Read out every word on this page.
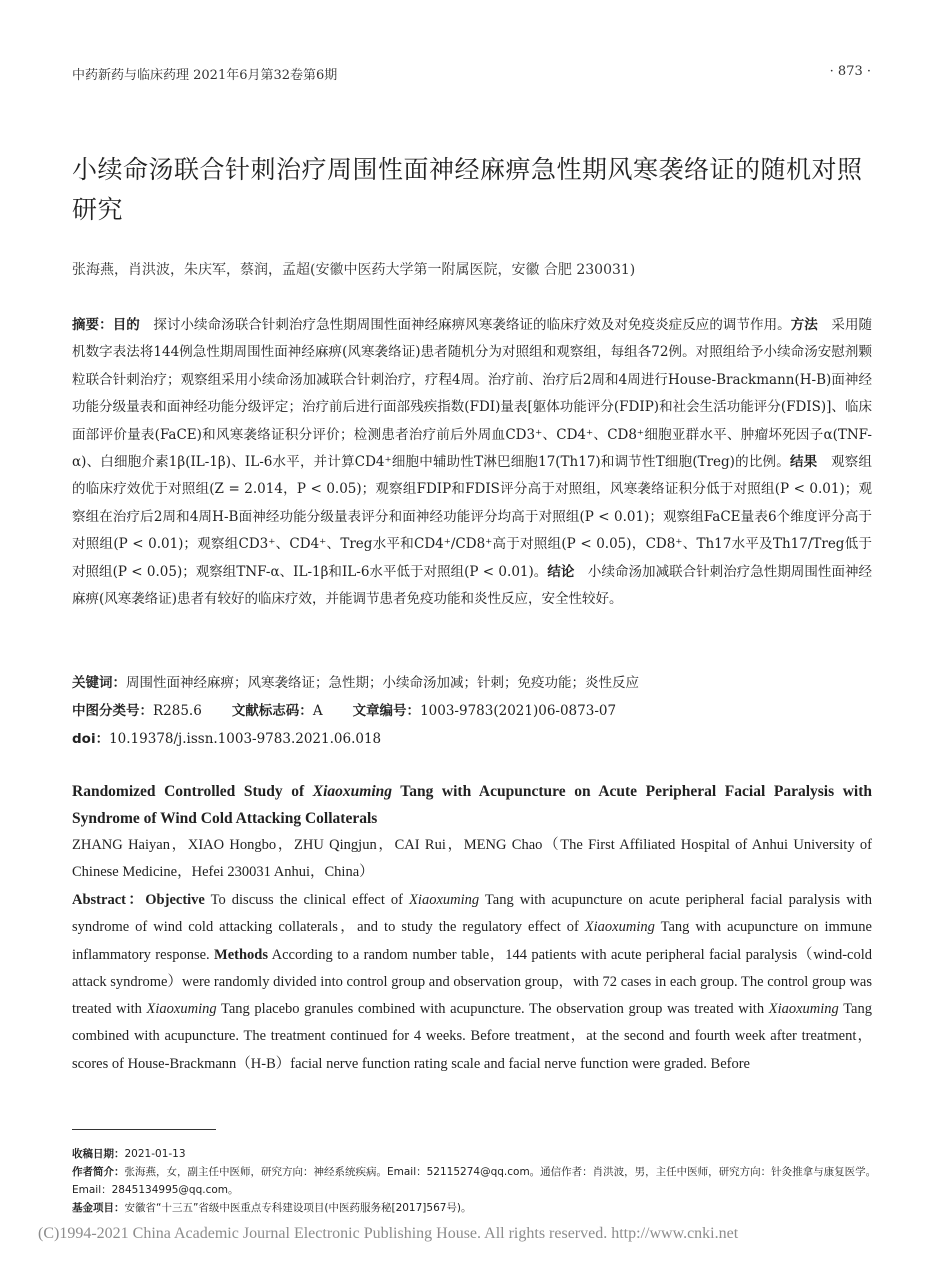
中药新药与临床药理 2021年6月第32卷第6期	· 873 ·
小续命汤联合针刺治疗周围性面神经麻痹急性期风寒袭络证的随机对照研究
张海燕，肖洪波，朱庆军，蔡润，孟超(安徽中医药大学第一附属医院，安徽 合肥 230031)
摘要：目的　探讨小续命汤联合针刺治疗急性期周围性面神经麻痹风寒袭络证的临床疗效及对免疫炎症反应的调节作用。方法　采用随机数字表法将144例急性期周围性面神经麻痹(风寒袭络证)患者随机分为对照组和观察组，每组各72例。对照组给予小续命汤安慰剂颗粒联合针刺治疗；观察组采用小续命汤加减联合针刺治疗，疗程4周。治疗前、治疗后2周和4周进行House-Brackmann(H-B)面神经功能分级量表和面神经功能分级评定；治疗前后进行面部残疾指数(FDI)量表[躯体功能评分(FDIP)和社会生活功能评分(FDIS)]、临床面部评价量表(FaCE)和风寒袭络证积分评价；检测患者治疗前后外周血CD3⁺、CD4⁺、CD8⁺细胞亚群水平、肿瘤坏死因子α(TNF-α)、白细胞介素1β(IL-1β)、IL-6水平，并计算CD4⁺细胞中辅助性T淋巴细胞17(Th17)和调节性T细胞(Treg)的比例。结果　观察组的临床疗效优于对照组(Z = 2.014，P < 0.05)；观察组FDIP和FDIS评分高于对照组，风寒袭络证积分低于对照组(P < 0.01)；观察组在治疗后2周和4周H-B面神经功能分级量表评分和面神经功能评分均高于对照组(P < 0.01)；观察组FaCE量表6个维度评分高于对照组(P < 0.01)；观察组CD3⁺、CD4⁺、Treg水平和CD4⁺/CD8⁺高于对照组(P < 0.05)，CD8⁺、Th17水平及Th17/Treg低于对照组(P < 0.05)；观察组TNF-α、IL-1β和IL-6水平低于对照组(P < 0.01)。结论　小续命汤加减联合针刺治疗急性期周围性面神经麻痹(风寒袭络证)患者有较好的临床疗效，并能调节患者免疫功能和炎性反应，安全性较好。
关键词：周围性面神经麻痹；风寒袭络证；急性期；小续命汤加减；针刺；免疫功能；炎性反应
中图分类号：R285.6 文献标志码：A 文章编号：1003-9783(2021)06-0873-07
doi：10.19378/j.issn.1003-9783.2021.06.018
Randomized Controlled Study of Xiaoxuming Tang with Acupuncture on Acute Peripheral Facial Paralysis with Syndrome of Wind Cold Attacking Collaterals
ZHANG Haiyan，XIAO Hongbo，ZHU Qingjun，CAI Rui，MENG Chao（The First Affiliated Hospital of Anhui University of Chinese Medicine，Hefei 230031 Anhui，China）
Abstract：Objective To discuss the clinical effect of Xiaoxuming Tang with acupuncture on acute peripheral facial paralysis with syndrome of wind cold attacking collaterals，and to study the regulatory effect of Xiaoxuming Tang with acupuncture on immune inflammatory response. Methods According to a random number table，144 patients with acute peripheral facial paralysis（wind-cold attack syndrome）were randomly divided into control group and observation group，with 72 cases in each group. The control group was treated with Xiaoxuming Tang placebo granules combined with acupuncture. The observation group was treated with Xiaoxuming Tang combined with acupuncture. The treatment continued for 4 weeks. Before treatment，at the second and fourth week after treatment，scores of House-Brackmann（H-B）facial nerve function rating scale and facial nerve function were graded. Before
收稿日期：2021-01-13
作者简介：张海燕，女，副主任中医师，研究方向：神经系统疾病。Email：52115274@qq.com。通信作者：肖洪波，男，主任中医师，研究方向：针灸推拿与康复医学。Email：2845134995@qq.com。
基金项目：安徽省“十三五”省级中医重点专科建设项目(中医药服务秘[2017]567号)。
(C)1994-2021 China Academic Journal Electronic Publishing House. All rights reserved. http://www.cnki.net
